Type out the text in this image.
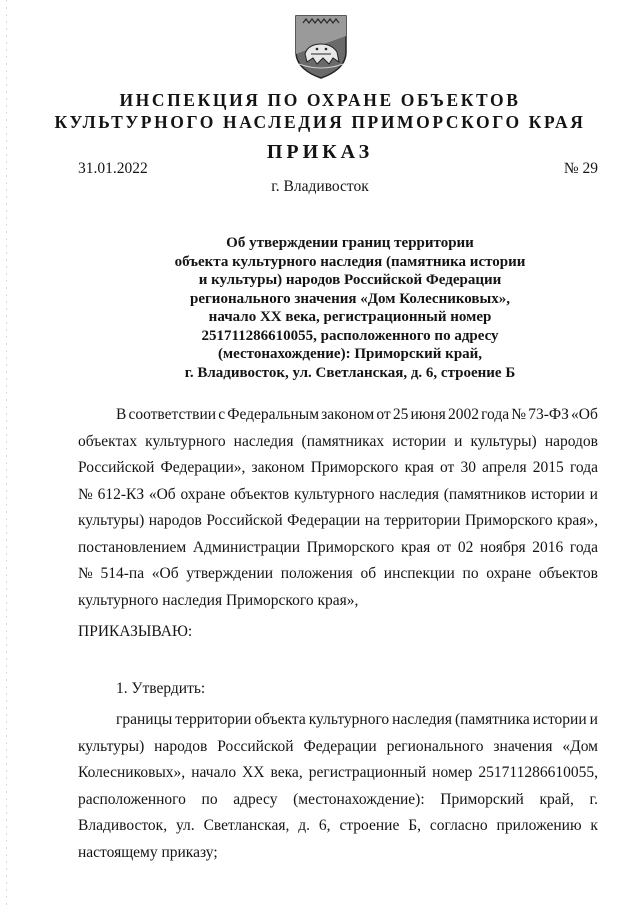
ИНСПЕКЦИЯ ПО ОХРАНЕ ОБЪЕКТОВ
КУЛЬТУРНОГО НАСЛЕДИЯ ПРИМОРСКОГО КРАЯ
ПРИКАЗ
31.01.2022	№ 29
г. Владивосток
Об утверждении границ территории
объекта культурного наследия (памятника истории
и культуры) народов Российской Федерации
регионального значения «Дом Колесниковых»,
начало XX века, регистрационный номер
251711286610055, расположенного по адресу
(местонахождение): Приморский край,
г. Владивосток, ул. Светланская, д. 6, строение Б
В соответствии с Федеральным законом от 25 июня 2002 года № 73-ФЗ «Об
объектах культурного наследия (памятниках истории и культуры) народов
Российской Федерации», законом Приморского края от 30 апреля 2015 года
№ 612-КЗ «Об охране объектов культурного наследия (памятников истории и
культуры) народов Российской Федерации на территории Приморского края»,
постановлением Администрации Приморского края от 02 ноября 2016 года
№ 514-па «Об утверждении положения об инспекции по охране объектов
культурного наследия Приморского края»,
ПРИКАЗЫВАЮ:
1. Утвердить:
границы территории объекта культурного наследия (памятника истории и
культуры) народов Российской Федерации регионального значения «Дом
Колесниковых», начало XX века, регистрационный номер 251711286610055,
расположенного по адресу (местонахождение): Приморский край, г.
Владивосток, ул. Светланская, д. 6, строение Б, согласно приложению к
настоящему приказу;
